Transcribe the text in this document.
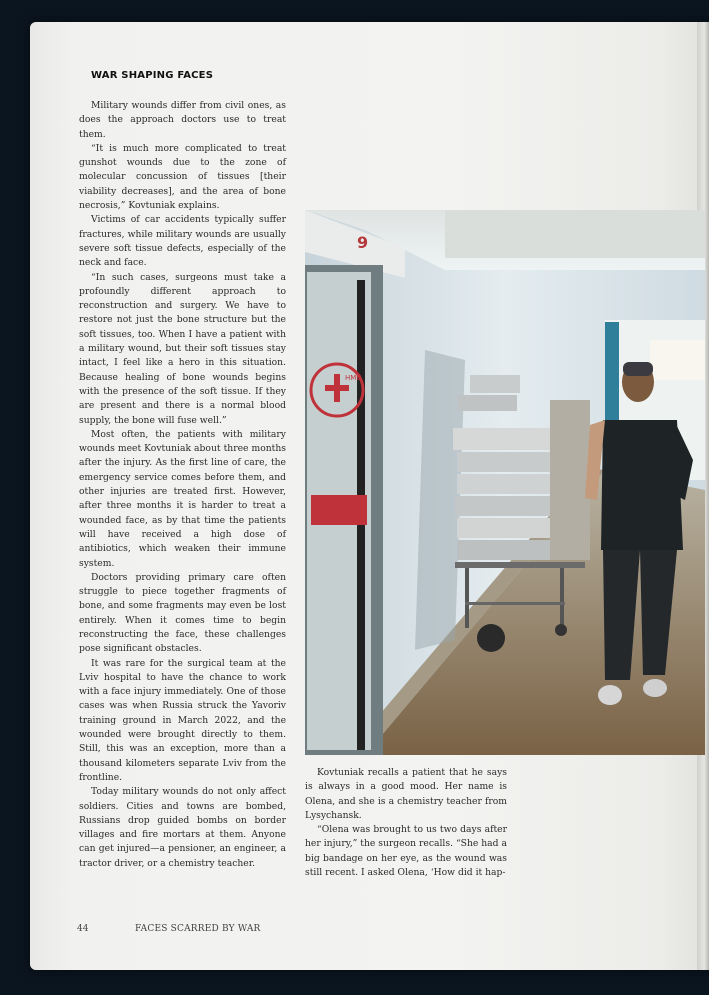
WAR SHAPING FACES

Military wounds differ from civil ones, as does the approach doctors use to treat them.

“It is much more complicated to treat gunshot wounds due to the zone of molecular concussion of tissues [their viability decreases], and the area of bone necrosis,” Kovtuniak explains.

Victims of car accidents typically suffer fractures, while military wounds are usually severe soft tissue defects, especially of the neck and face.

“In such cases, surgeons must take a profoundly different approach to reconstruction and surgery. We have to restore not just the bone structure but the soft tissues, too. When I have a patient with a military wound, but their soft tissues stay intact, I feel like a hero in this situation. Because healing of bone wounds begins with the presence of the soft tissue. If they are present and there is a normal blood supply, the bone will fuse well.”

Most often, the patients with military wounds meet Kovtuniak about three months after the injury. As the first line of care, the emergency service comes before them, and other injuries are treated first. However, after three months it is harder to treat a wounded face, as by that time the patients will have received a high dose of antibiotics, which weaken their immune system.

Doctors providing primary care often struggle to piece together fragments of bone, and some fragments may even be lost entirely. When it comes time to begin reconstructing the face, these challenges pose significant obstacles.

It was rare for the surgical team at the Lviv hospital to have the chance to work with a face injury immediately. One of those cases was when Russia struck the Yavoriv training ground in March 2022, and the wounded were brought directly to them. Still, this was an exception, more than a thousand kilometers separate Lviv from the frontline.

Today military wounds do not only affect soldiers. Cities and towns are bombed, Russians drop guided bombs on border villages and fire mortars at them. Anyone can get injured—a pensioner, an engineer, a tractor driver, or a chemistry teacher.

9
НМЦ

Kovtuniak recalls a patient that he says is always in a good mood. Her name is Olena, and she is a chemistry teacher from Lysychansk.

“Olena was brought to us two days after her injury,” the surgeon recalls. “She had a big bandage on her eye, as the wound was still recent. I asked Olena, ‘How did it hap-

44	FACES SCARRED BY WAR
